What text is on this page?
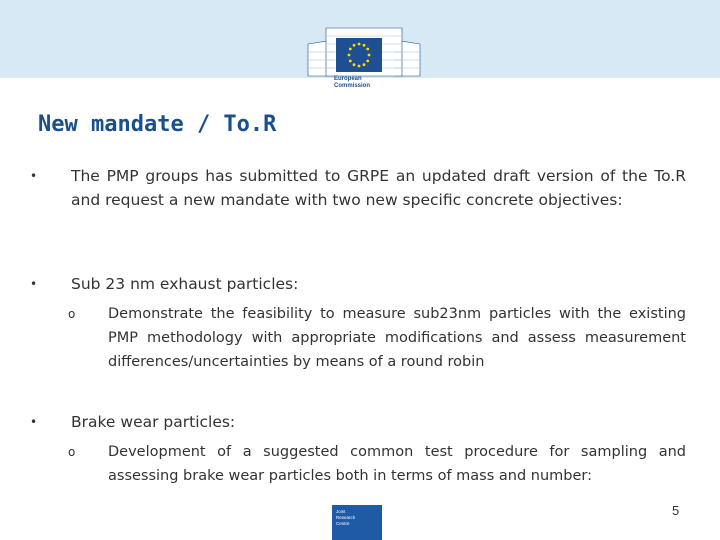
European
Commission
New mandate / To.R
• The PMP groups has submitted to GRPE an updated draft version of the To.R and request a new mandate with two new specific concrete objectives:
• Sub 23 nm exhaust particles:
o Demonstrate the feasibility to measure sub23nm particles with the existing PMP methodology with appropriate modifications and assess measurement differences/uncertainties by means of a round robin
• Brake wear particles:
o Development of a suggested common test procedure for sampling and assessing brake wear particles both in terms of mass and number:
Joint
Research
Centre
5
